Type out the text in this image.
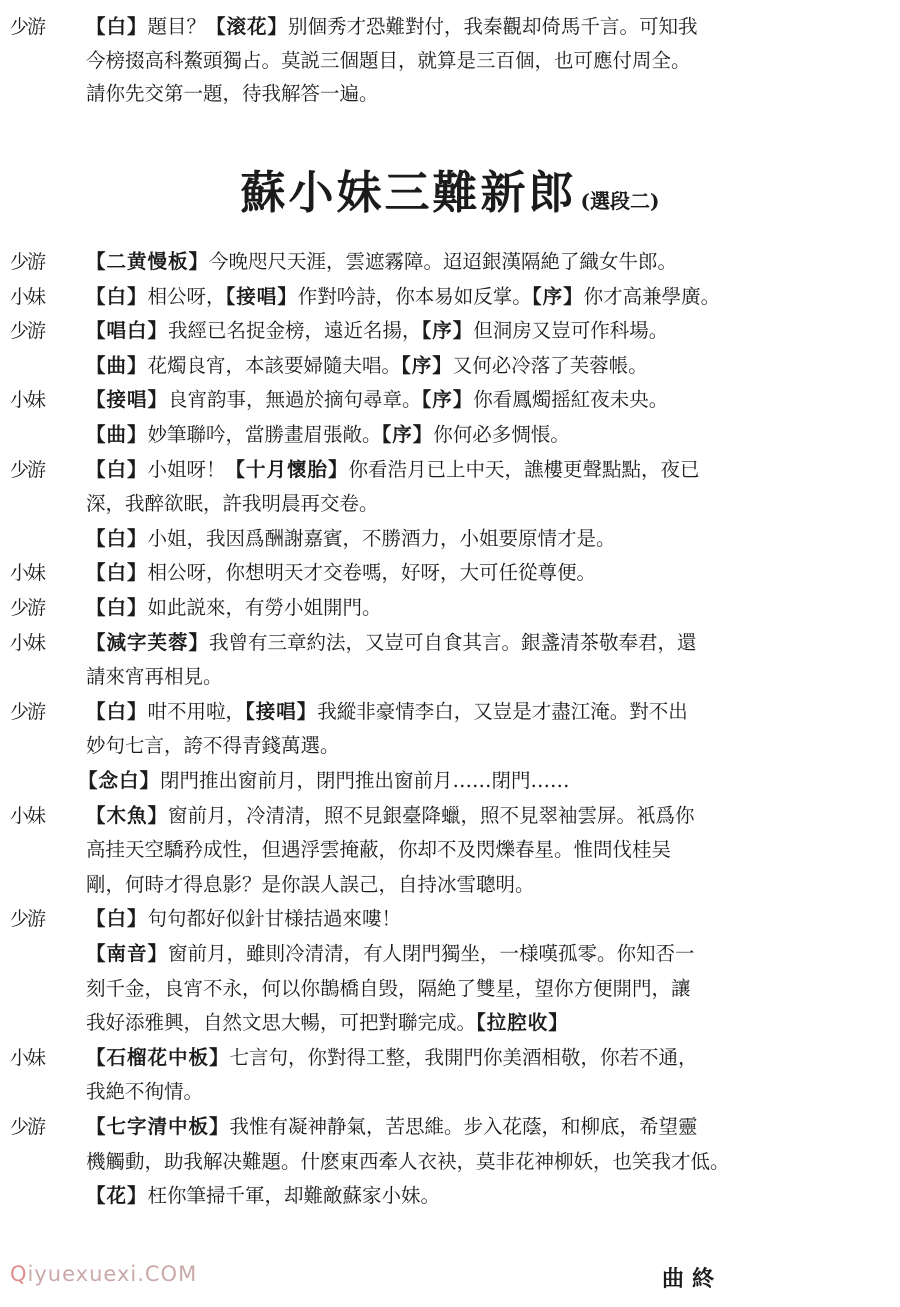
少游 【白】題目？【滚花】别個秀才恐難對付，我秦觀却倚馬千言。可知我
今榜掇高科鰲頭獨占。莫説三個題目，就算是三百個，也可應付周全。
請你先交第一題，待我解答一遍。
蘇小妹三難新郎 (選段二)
少游 【二黄慢板】今晚咫尺天涯，雲遮霧障。迢迢銀漢隔絶了織女牛郎。
小妹 【白】相公呀，【接唱】作對吟詩，你本易如反掌。【序】你才高兼學廣。
少游 【唱白】我經已名捉金榜，遠近名揚，【序】但洞房又豈可作科場。
【曲】花燭良宵，本該要婦隨夫唱。【序】又何必冷落了芙蓉帳。
小妹 【接唱】良宵韵事，無過於摘句尋章。【序】你看鳳燭摇紅夜未央。
【曲】妙筆聯吟，當勝畫眉張敞。【序】你何必多惆悵。
少游 【白】小姐呀！【十月懷胎】你看浩月已上中天，譙樓更聲點點，夜已
深，我醉欲眠，許我明晨再交卷。
【白】小姐，我因爲酬謝嘉賓，不勝酒力，小姐要原情才是。
小妹 【白】相公呀，你想明天才交卷嗎，好呀，大可任從尊便。
少游 【白】如此説來，有勞小姐開門。
小妹 【減字芙蓉】我曾有三章約法，又豈可自食其言。銀盞清茶敬奉君，還
請來宵再相見。
少游 【白】咁不用啦，【接唱】我縱非豪情李白，又豈是才盡江淹。對不出
妙句七言，誇不得青錢萬選。
【念白】閉門推出窗前月，閉門推出窗前月……閉門……
小妹 【木魚】窗前月，冷清清，照不見銀臺降蠟，照不見翠袖雲屏。衹爲你
高挂天空驕矜成性，但遇浮雲掩蔽，你却不及閃爍春星。惟問伐桂吴
剛，何時才得息影？是你誤人誤己，自持冰雪聰明。
少游 【白】句句都好似針甘様拮過來嘍！
【南音】窗前月，雖則冷清清，有人閉門獨坐，一様嘆孤零。你知否一
刻千金，良宵不永，何以你鵲橋自毁，隔絶了雙星，望你方便開門，讓
我好添雅興，自然文思大暢，可把對聯完成。【拉腔收】
小妹 【石榴花中板】七言句，你對得工整，我開門你美酒相敬，你若不通，
我絶不徇情。
少游 【七字清中板】我惟有凝神静氣，苦思維。步入花蔭，和柳底，希望靈
機觸動，助我解决難題。什麽東西牽人衣袂，莫非花神柳妖，也笑我才低。
【花】枉你筆掃千軍，却難敵蘇家小妹。
Qiyuexuexi.COM	曲終
